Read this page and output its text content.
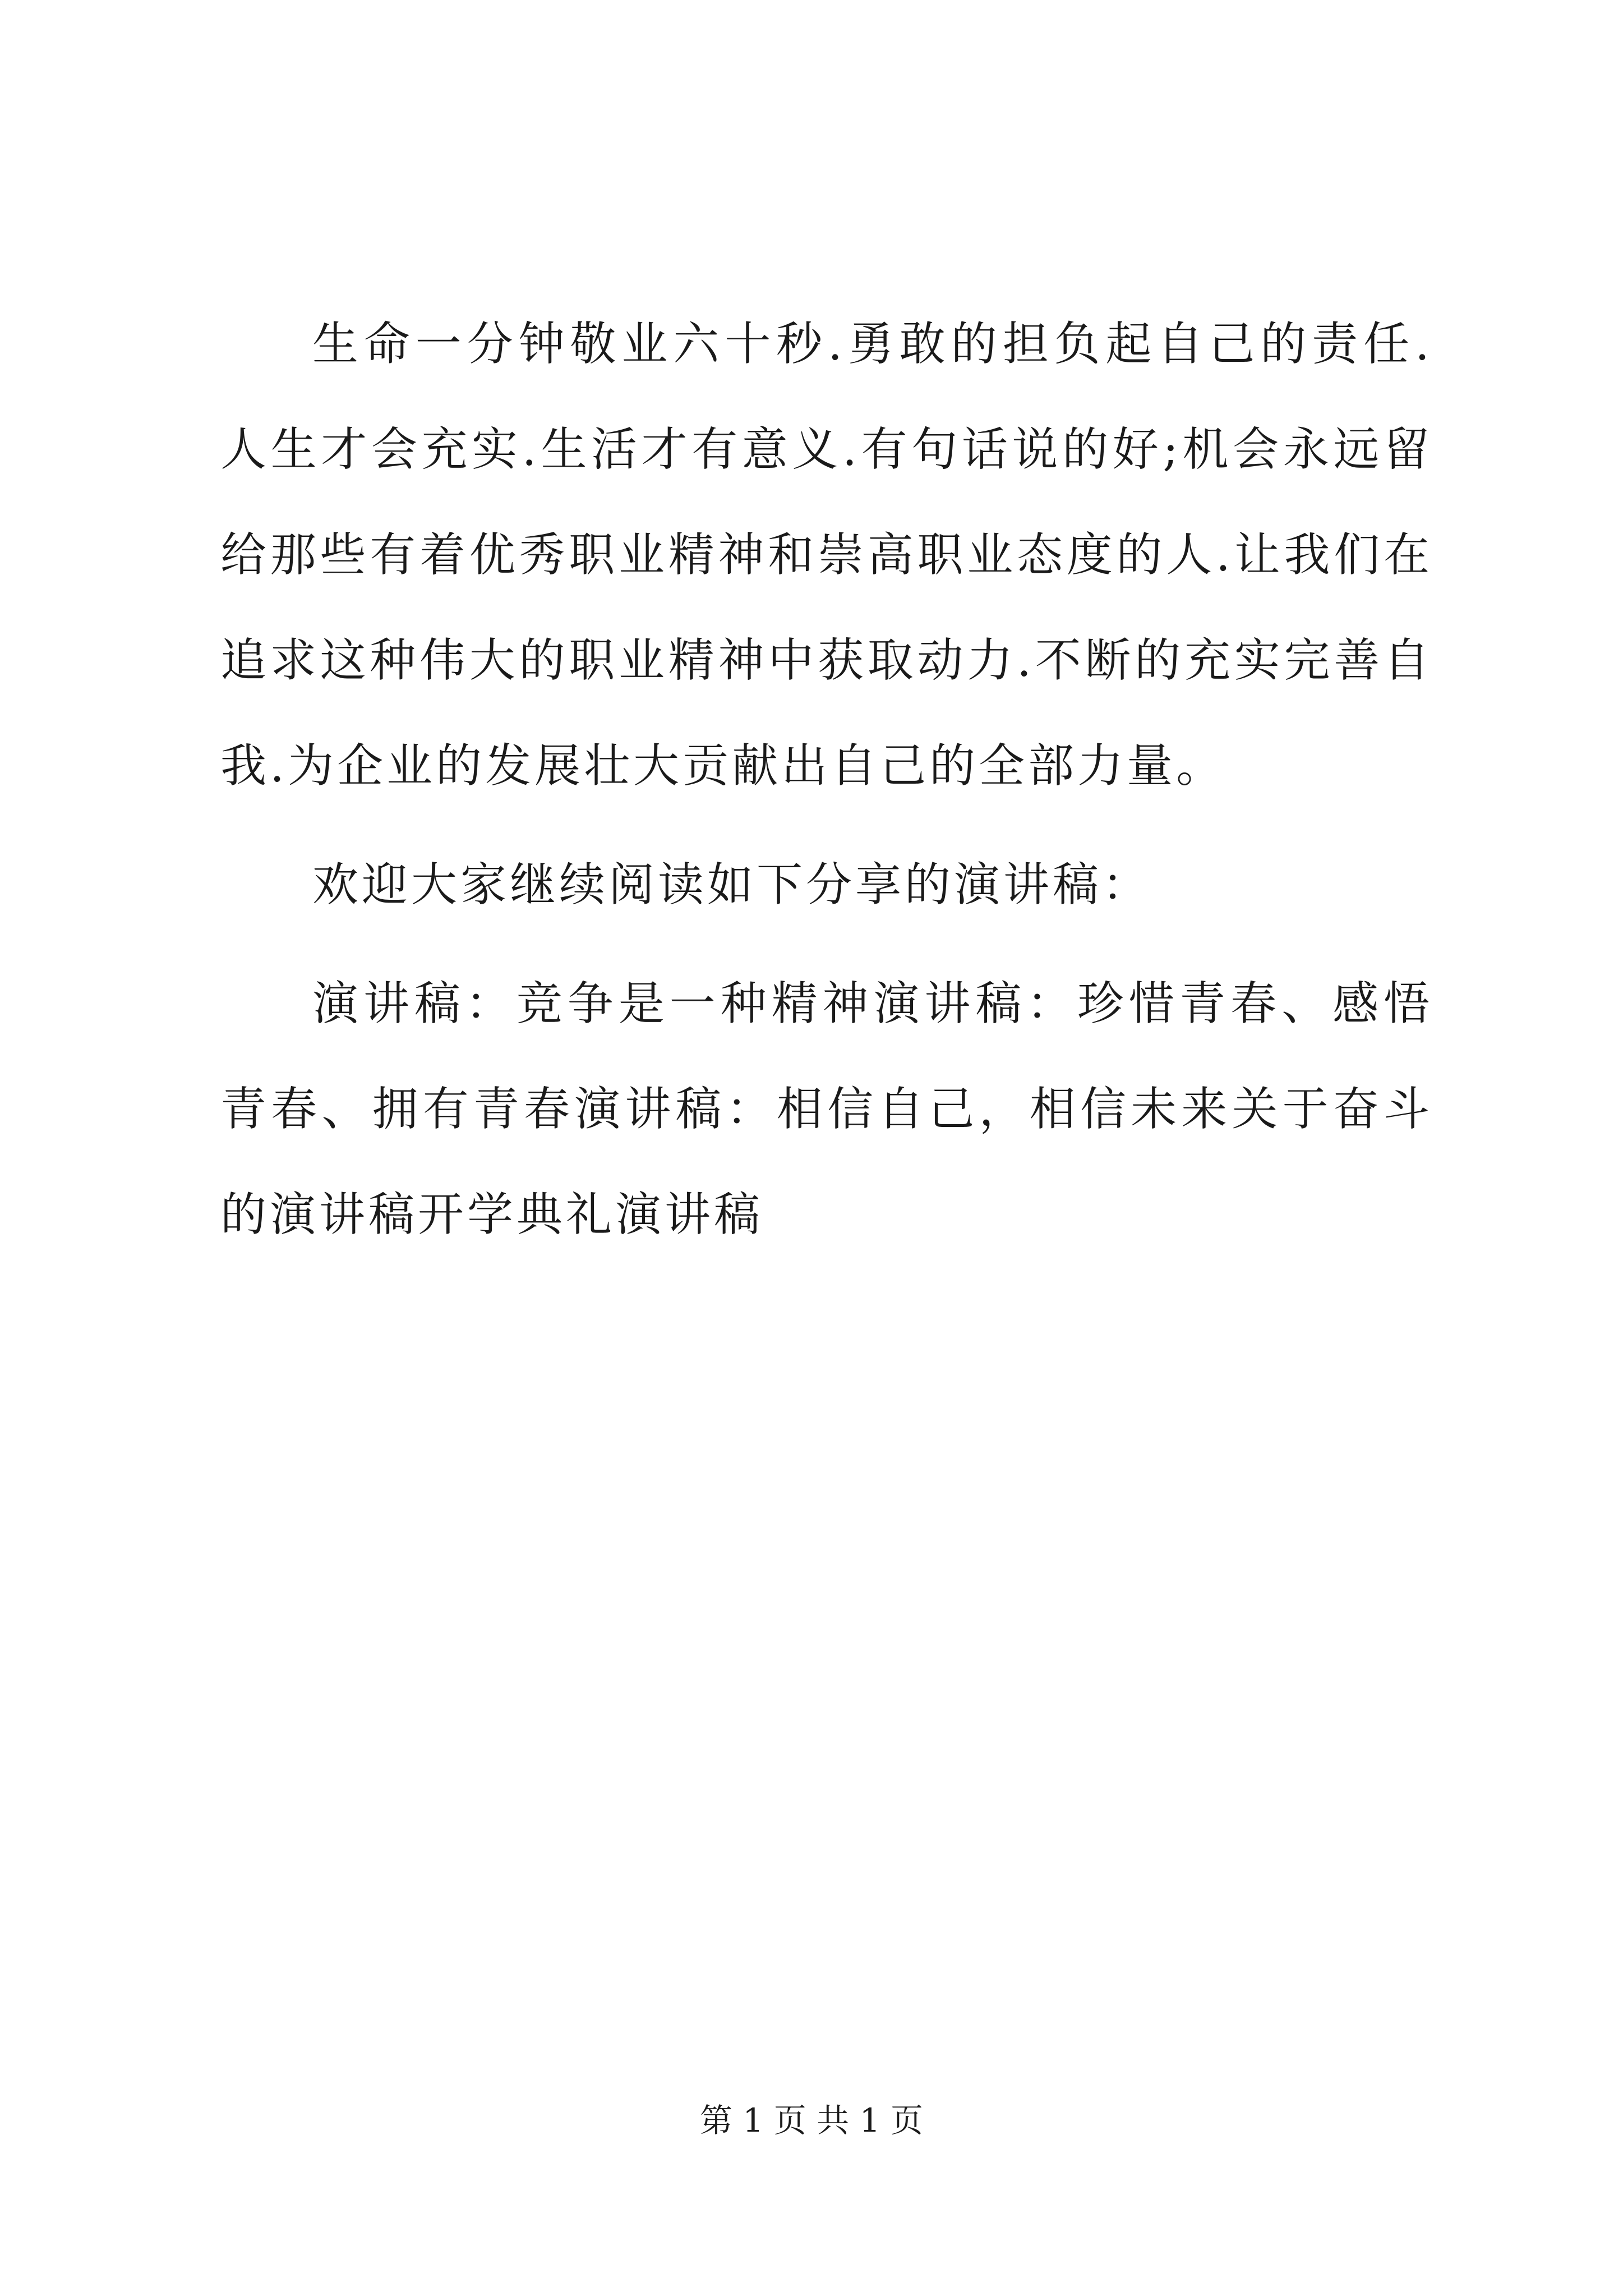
生命一分钟敬业六十秒.勇敢的担负起自己的责任.人生才会充实.生活才有意义.有句话说的好;机会永远留给那些有着优秀职业精神和崇高职业态度的人.让我们在追求这种伟大的职业精神中获取动力.不断的充实完善自我.为企业的发展壮大贡献出自己的全部力量。

欢迎大家继续阅读如下分享的演讲稿：

演讲稿：竞争是一种精神演讲稿：珍惜青春、感悟青春、拥有青春演讲稿：相信自己，相信未来关于奋斗的演讲稿开学典礼演讲稿

第 1 页 共 1 页
